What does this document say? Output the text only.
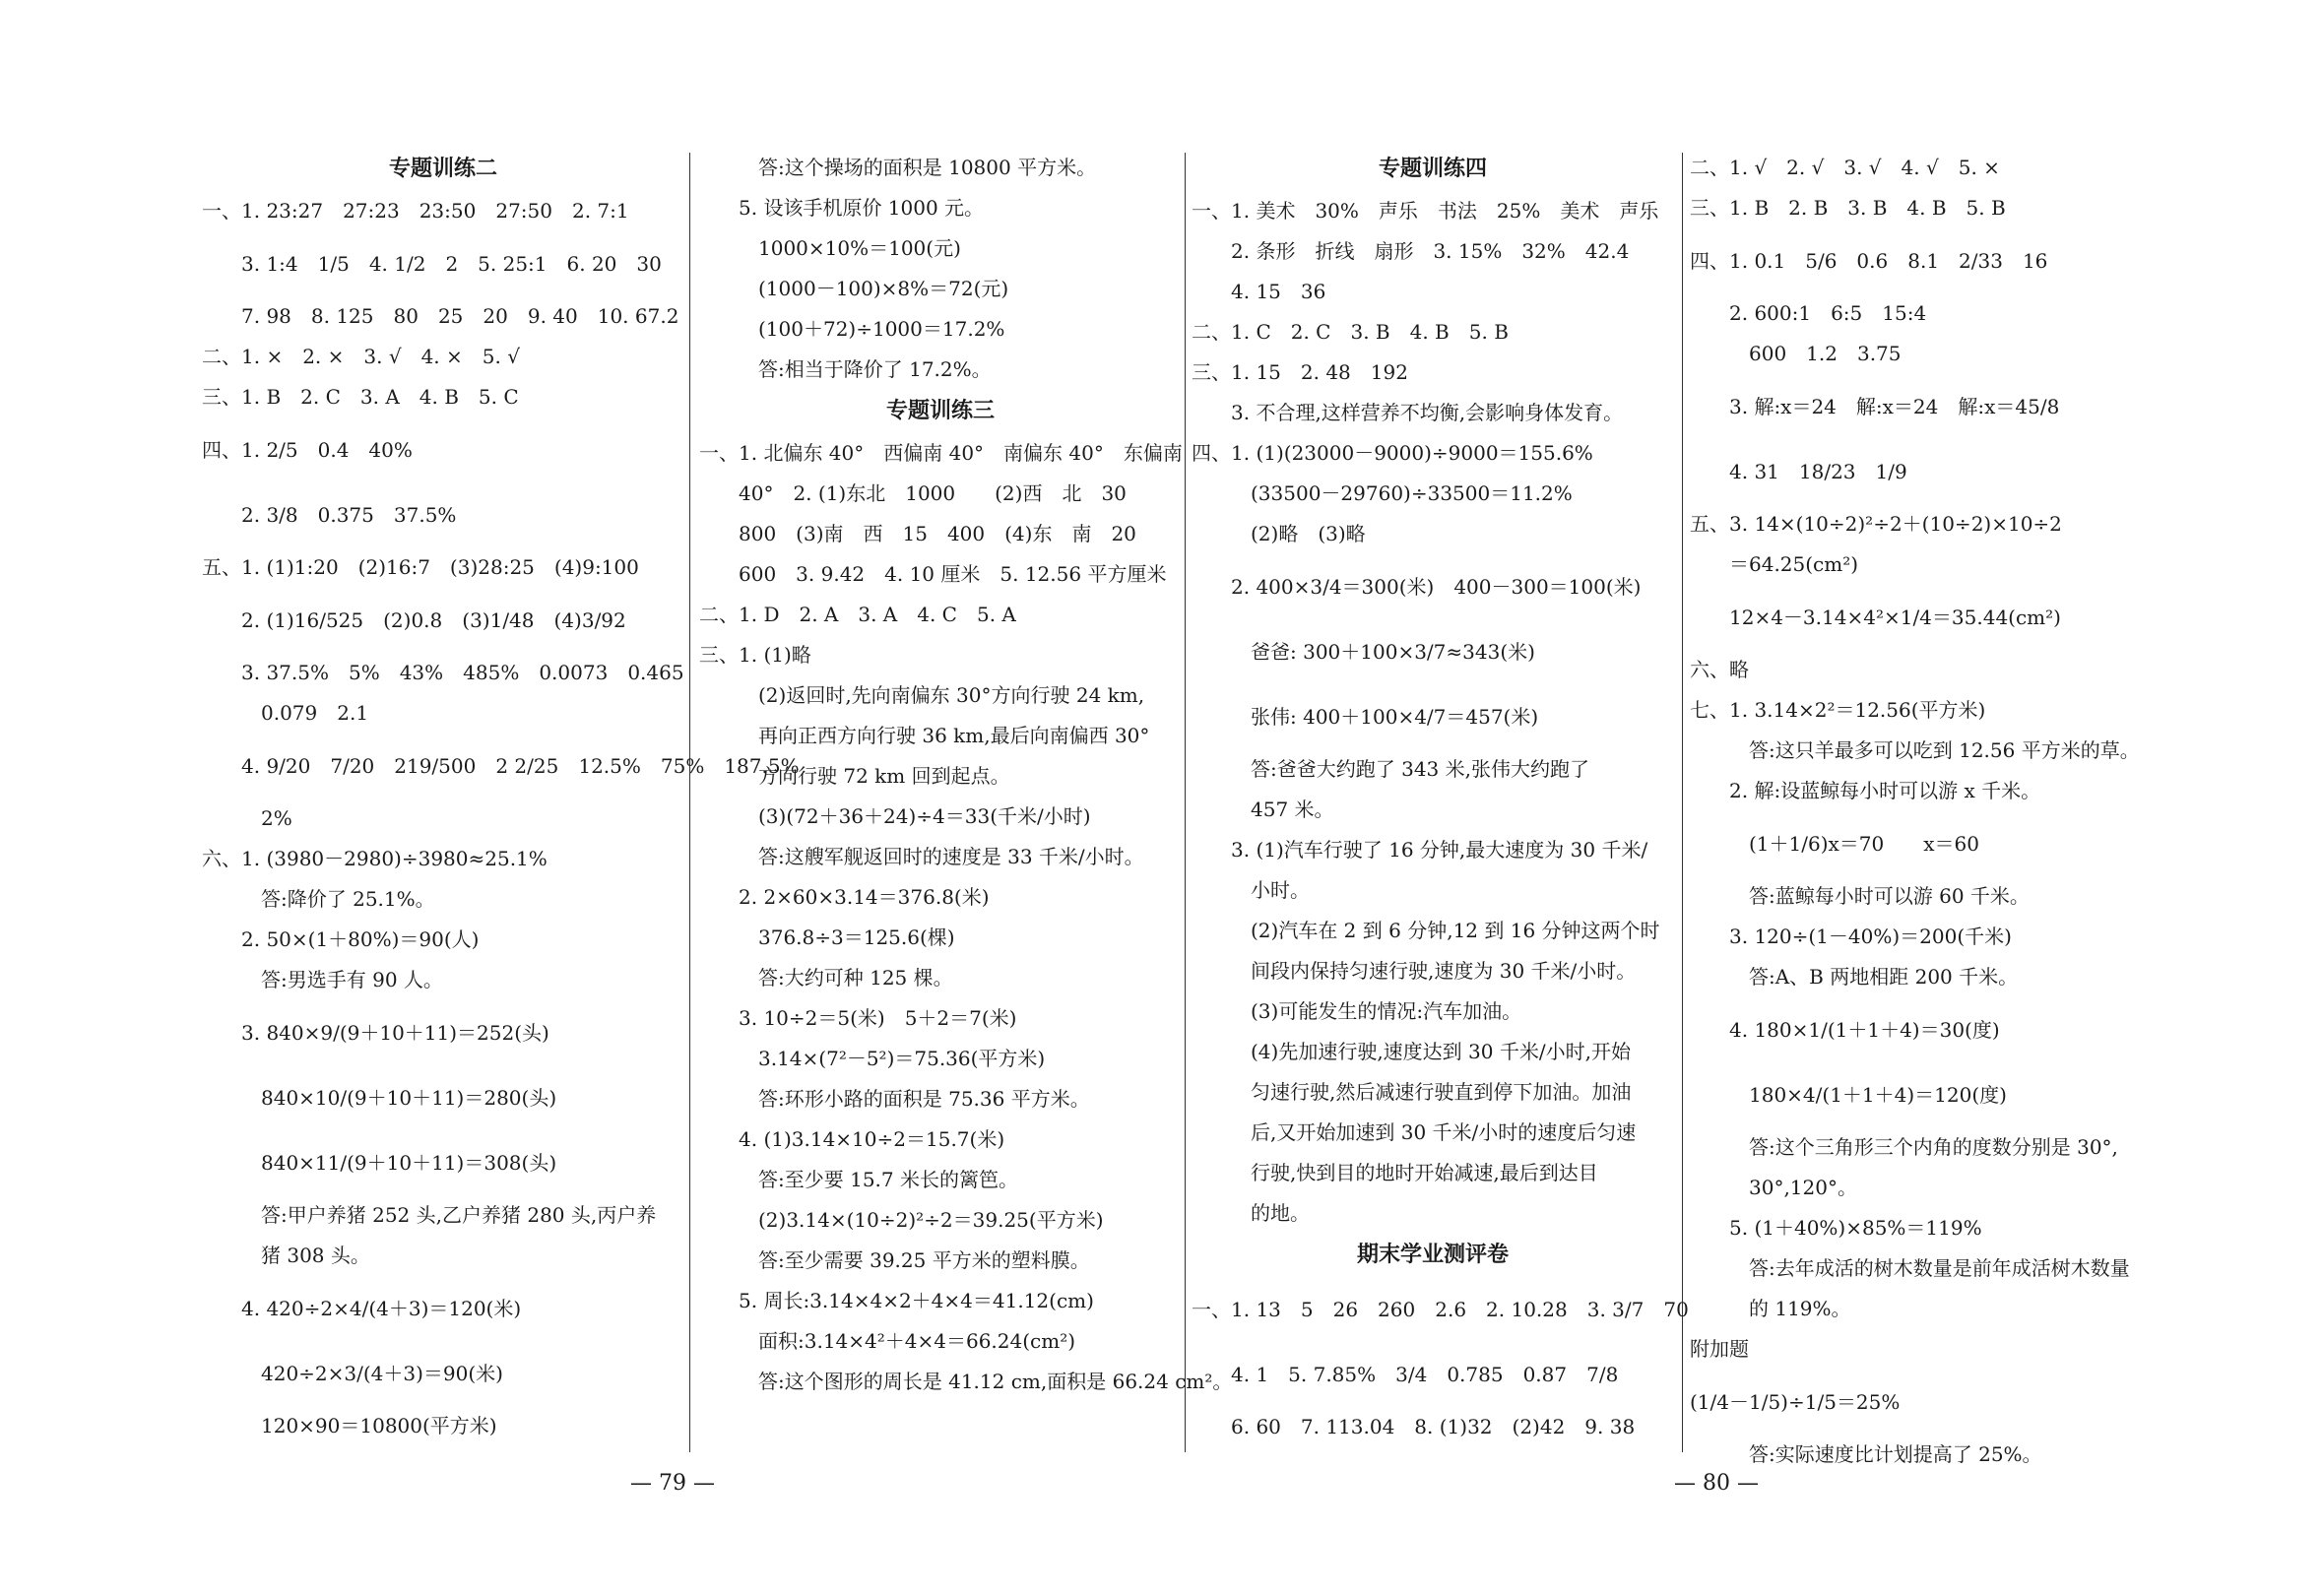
专题训练二
一、1. 23:27　27:23　23:50　27:50　2. 7:1
　　3. 1:4　1/5　4. 1/2　2　5. 25:1　6. 20　30
　　7. 98　8. 125　80　25　20　9. 40　10. 67.2
二、1. ×　2. ×　3. √　4. ×　5. √
三、1. B　2. C　3. A　4. B　5. C
四、1. 2/5　0.4　40%
　　2. 3/8　0.375　37.5%
五、1. (1)1:20　(2)16:7　(3)28:25　(4)9:100
　　2. (1)16/525　(2)0.8　(3)1/48　(4)3/92
　　3. 37.5%　5%　43%　485%　0.0073　0.465
　　　0.079　2.1
　　4. 9/20　7/20　219/500　2 2/25　12.5%　75%　187.5%
　　　2%
六、1. (3980－2980)÷3980≈25.1%
　　　答:降价了 25.1%。
　　2. 50×(1＋80%)＝90(人)
　　　答:男选手有 90 人。
　　3. 840×9/(9＋10＋11)＝252(头)
　　　840×10/(9＋10＋11)＝280(头)
　　　840×11/(9＋10＋11)＝308(头)
　　　答:甲户养猪 252 头,乙户养猪 280 头,丙户养
　　　猪 308 头。
　　4. 420÷2×4/(4＋3)＝120(米)
　　　420÷2×3/(4＋3)＝90(米)
　　　120×90＝10800(平方米)
　　　答:这个操场的面积是 10800 平方米。
　　5. 设该手机原价 1000 元。
　　　1000×10%＝100(元)
　　　(1000－100)×8%＝72(元)
　　　(100＋72)÷1000＝17.2%
　　　答:相当于降价了 17.2%。
专题训练三
一、1. 北偏东 40°　西偏南 40°　南偏东 40°　东偏南
　　40°　2. (1)东北　1000　　(2)西　北　30
　　800　(3)南　西　15　400　(4)东　南　20
　　600　3. 9.42　4. 10 厘米　5. 12.56 平方厘米
二、1. D　2. A　3. A　4. C　5. A
三、1. (1)略
　　　(2)返回时,先向南偏东 30°方向行驶 24 km,
　　　再向正西方向行驶 36 km,最后向南偏西 30°
　　　方向行驶 72 km 回到起点。
　　　(3)(72＋36＋24)÷4＝33(千米/小时)
　　　答:这艘军舰返回时的速度是 33 千米/小时。
　　2. 2×60×3.14＝376.8(米)
　　　376.8÷3＝125.6(棵)
　　　答:大约可种 125 棵。
　　3. 10÷2＝5(米)　5＋2＝7(米)
　　　3.14×(7²－5²)＝75.36(平方米)
　　　答:环形小路的面积是 75.36 平方米。
　　4. (1)3.14×10÷2＝15.7(米)
　　　答:至少要 15.7 米长的篱笆。
　　　(2)3.14×(10÷2)²÷2＝39.25(平方米)
　　　答:至少需要 39.25 平方米的塑料膜。
　　5. 周长:3.14×4×2＋4×4＝41.12(cm)
　　　面积:3.14×4²＋4×4＝66.24(cm²)
　　　答:这个图形的周长是 41.12 cm,面积是 66.24 cm²。
专题训练四
一、1. 美术　30%　声乐　书法　25%　美术　声乐
　　2. 条形　折线　扇形　3. 15%　32%　42.4
　　4. 15　36
二、1. C　2. C　3. B　4. B　5. B
三、1. 15　2. 48　192
　　3. 不合理,这样营养不均衡,会影响身体发育。
四、1. (1)(23000－9000)÷9000＝155.6%
　　　(33500－29760)÷33500＝11.2%
　　　(2)略　(3)略
　　2. 400×3/4＝300(米)　400－300＝100(米)
　　　爸爸: 300＋100×3/7≈343(米)
　　　张伟: 400＋100×4/7＝457(米)
　　　答:爸爸大约跑了 343 米,张伟大约跑了
　　　457 米。
　　3. (1)汽车行驶了 16 分钟,最大速度为 30 千米/
　　　小时。
　　　(2)汽车在 2 到 6 分钟,12 到 16 分钟这两个时
　　　间段内保持匀速行驶,速度为 30 千米/小时。
　　　(3)可能发生的情况:汽车加油。
　　　(4)先加速行驶,速度达到 30 千米/小时,开始
　　　匀速行驶,然后减速行驶直到停下加油。加油
　　　后,又开始加速到 30 千米/小时的速度后匀速
　　　行驶,快到目的地时开始减速,最后到达目
　　　的地。
期末学业测评卷
一、1. 13　5　26　260　2.6　2. 10.28　3. 3/7　70
　　4. 1　5. 7.85%　3/4　0.785　0.87　7/8
　　6. 60　7. 113.04　8. (1)32　(2)42　9. 38
二、1. √　2. √　3. √　4. √　5. ×
三、1. B　2. B　3. B　4. B　5. B
四、1. 0.1　5/6　0.6　8.1　2/33　16
　　2. 600:1　6:5　15:4
　　　600　1.2　3.75
　　3. 解:x＝24　解:x＝24　解:x＝45/8
　　4. 31　18/23　1/9
五、3. 14×(10÷2)²÷2＋(10÷2)×10÷2
　　＝64.25(cm²)
　　12×4－3.14×4²×1/4＝35.44(cm²)
六、略
七、1. 3.14×2²＝12.56(平方米)
　　　答:这只羊最多可以吃到 12.56 平方米的草。
　　2. 解:设蓝鲸每小时可以游 x 千米。
　　　(1＋1/6)x＝70　　x＝60
　　　答:蓝鲸每小时可以游 60 千米。
　　3. 120÷(1－40%)＝200(千米)
　　　答:A、B 两地相距 200 千米。
　　4. 180×1/(1＋1＋4)＝30(度)
　　　180×4/(1＋1＋4)＝120(度)
　　　答:这个三角形三个内角的度数分别是 30°,
　　　30°,120°。
　　5. (1＋40%)×85%＝119%
　　　答:去年成活的树木数量是前年成活树木数量
　　　的 119%。
附加题
(1/4－1/5)÷1/5＝25%
　　　答:实际速度比计划提高了 25%。
— 79 —	— 80 —
